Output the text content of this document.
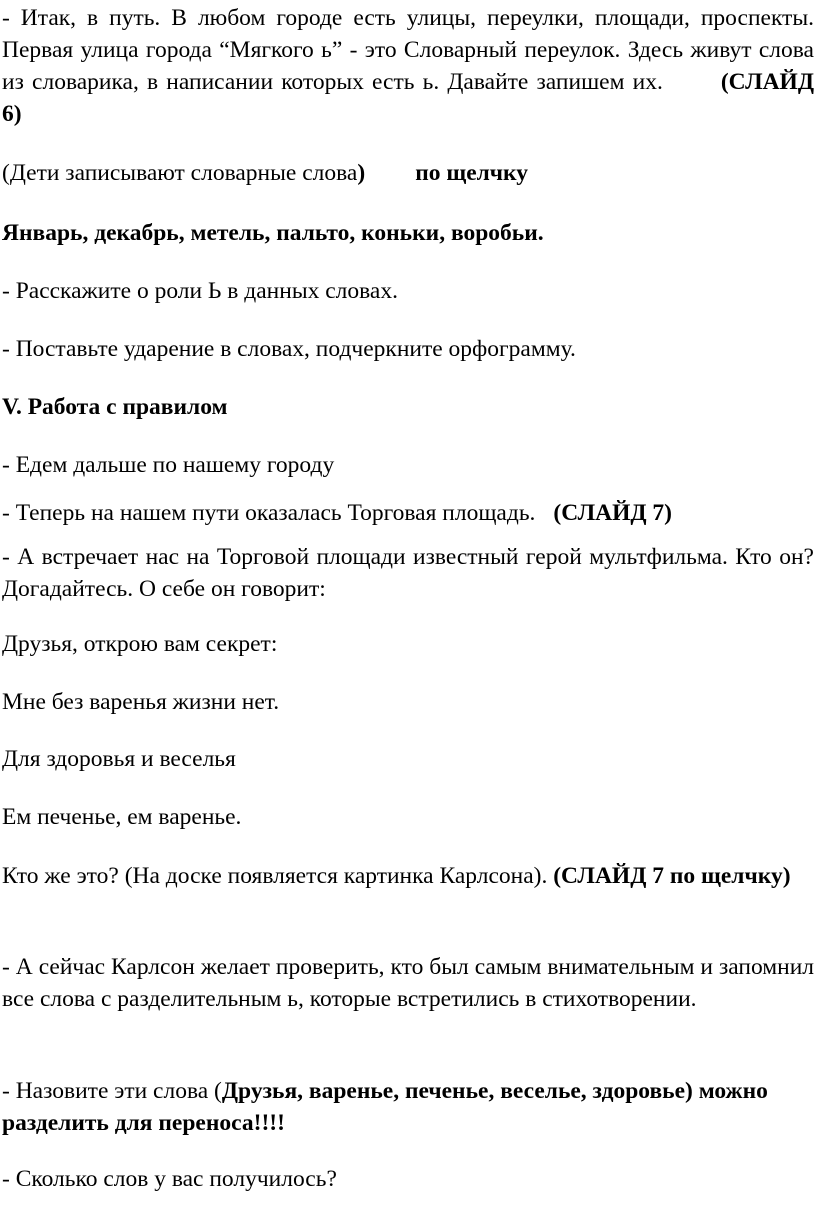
- Итак, в путь. В любом городе есть улицы, переулки, площади, проспекты. Первая улица города “Мягкого ь” - это Словарный переулок. Здесь живут слова из словарика, в написании которых есть ь. Давайте запишем их. (СЛАЙД 6)

(Дети записывают словарные слова) по щелчку

Январь, декабрь, метель, пальто, коньки, воробьи.

- Расскажите о роли Ь в данных словах.

- Поставьте ударение в словах, подчеркните орфограмму.

V. Работа с правилом

- Едем дальше по нашему городу

- Теперь на нашем пути оказалась Торговая площадь. (СЛАЙД 7)

- А встречает нас на Торговой площади известный герой мультфильма. Кто он? Догадайтесь. О себе он говорит:

Друзья, открою вам секрет:

Мне без варенья жизни нет.

Для здоровья и веселья

Ем печенье, ем варенье.

Кто же это? (На доске появляется картинка Карлсона). (СЛАЙД 7 по щелчку)

- А сейчас Карлсон желает проверить, кто был самым внимательным и запомнил все слова с разделительным ь, которые встретились в стихотворении.

- Назовите эти слова (Друзья, варенье, печенье, веселье, здоровье) можно разделить для переноса!!!!

- Сколько слов у вас получилось?
